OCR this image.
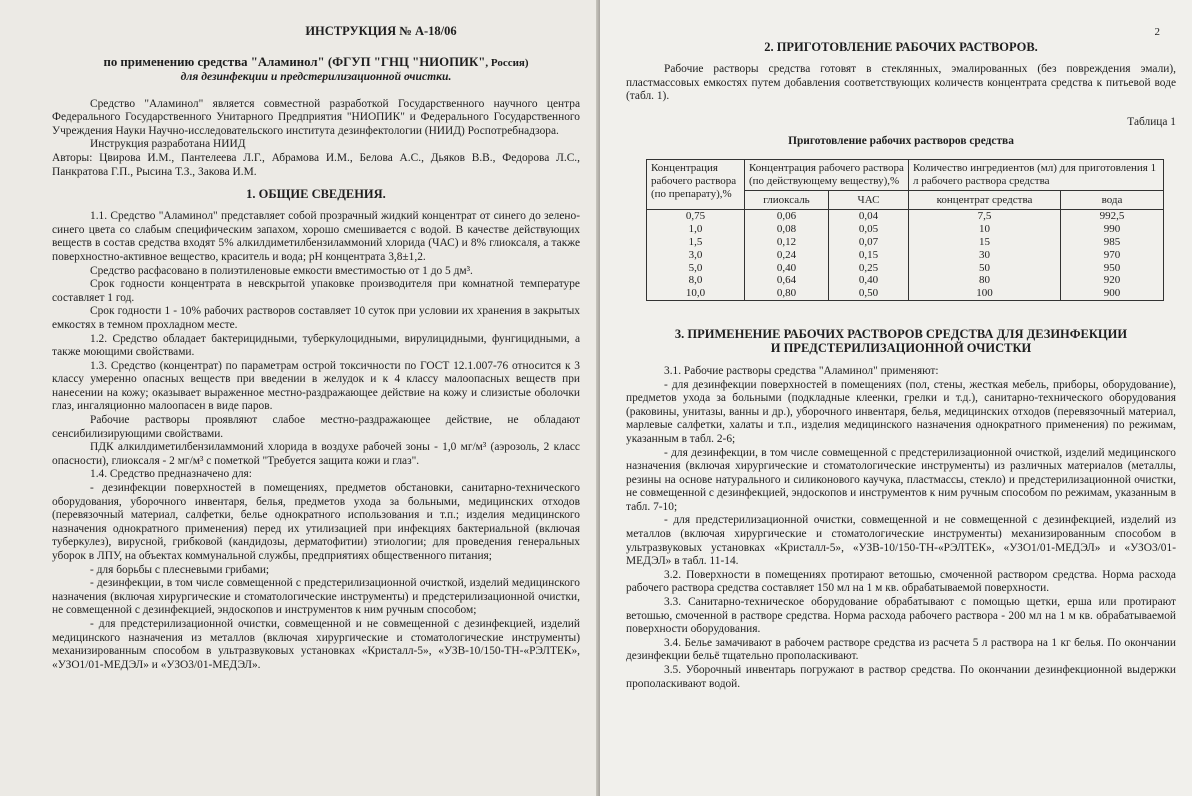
ИНСТРУКЦИЯ № А-18/06
по применению средства "Аламинол" (ФГУП "ГНЦ "НИОПИК", Россия)

для дезинфекции и предстерилизационной очистки.

Средство "Аламинол" является совместной разработкой Государственного научного центра Федерального Государственного Унитарного Предприятия "НИОПИК" и Федерального Государственного Учреждения Науки Научно-исследовательского института дезинфектологии (НИИД) Роспотребнадзора.

Инструкция разработана НИИД

Авторы: Цвирова И.М., Пантелеева Л.Г., Абрамова И.М., Белова А.С., Дьяков В.В., Федорова Л.С., Панкратова Г.П., Рысина Т.З., Закова И.М.

1. ОБЩИЕ СВЕДЕНИЯ.

1.1. Средство "Аламинол" представляет собой прозрачный жидкий концентрат от синего до зелено-синего цвета со слабым специфическим запахом, хорошо смешивается с водой. В качестве действующих веществ в состав средства входят 5% алкилдиметилбензиламмоний хлорида (ЧАС) и 8% глиоксаля, а также поверхностно-активное вещество, краситель и вода; рН концентрата 3,8±1,2.

Средство расфасовано в полиэтиленовые емкости вместимостью от 1 до 5 дм³.

Срок годности концентрата в невскрытой упаковке производителя при комнатной температуре составляет 1 год.

Срок годности 1 - 10% рабочих растворов составляет 10 суток при условии их хранения в закрытых емкостях в темном прохладном месте.

1.2. Средство обладает бактерицидными, туберкулоцидными, вирулицидными, фунгицидными, а также моющими свойствами.

1.3. Средство (концентрат) по параметрам острой токсичности по ГОСТ 12.1.007-76 относится к 3 классу умеренно опасных веществ при введении в желудок и к 4 классу малоопасных веществ при нанесении на кожу; оказывает выраженное местно-раздражающее действие на кожу и слизистые оболочки глаз, ингаляционно малоопасен в виде паров.

Рабочие растворы проявляют слабое местно-раздражающее действие, не обладают сенсибилизирующими свойствами.

ПДК алкилдиметилбензиламмоний хлорида в воздухе рабочей зоны - 1,0 мг/м³ (аэрозоль, 2 класс опасности), глиоксаля - 2 мг/м³ с пометкой "Требуется защита кожи и глаз".

1.4. Средство предназначено для:

- дезинфекции поверхностей в помещениях, предметов обстановки, санитарно-технического оборудования, уборочного инвентаря, белья, предметов ухода за больными, медицинских отходов (перевязочный материал, салфетки, белье однократного использования и т.п.; изделия медицинского назначения однократного применения) перед их утилизацией при инфекциях бактериальной (включая туберкулез), вирусной, грибковой (кандидозы, дерматофитии) этиологии; для проведения генеральных уборок в ЛПУ, на объектах коммунальной службы, предприятиях общественного питания;

- для борьбы с плесневыми грибами;

- дезинфекции, в том числе совмещенной с предстерилизационной очисткой, изделий медицинского назначения (включая хирургические и стоматологические инструменты) и предстерилизационной очистки, не совмещенной с дезинфекцией, эндоскопов и инструментов к ним ручным способом;

- для предстерилизационной очистки, совмещенной и не совмещенной с дезинфекцией, изделий медицинского назначения из металлов (включая хирургические и стоматологические инструменты) механизированным способом в ультразвуковых установках «Кристалл-5», «УЗВ-10/150-ТН-«РЭЛТЕК», «УЗО1/01-МЕДЭЛ» и «УЗО3/01-МЕДЭЛ».

2
2. ПРИГОТОВЛЕНИЕ РАБОЧИХ РАСТВОРОВ.

Рабочие растворы средства готовят в стеклянных, эмалированных (без повреждения эмали), пластмассовых емкостях путем добавления соответствующих количеств концентрата средства к питьевой воде (табл. 1).

Таблица 1

Приготовление рабочих растворов средства

Концентрация рабочего раствора (по препарату),%	Концентрация рабочего раствора (по действующему веществу),%		Количество ингредиентов (мл) для приготовления 1 л рабочего раствора средства	
	глиоксаль	ЧАС	концентрат средства	вода
0,75	0,06	0,04	7,5	992,5
1,0	0,08	0,05	10	990
1,5	0,12	0,07	15	985
3,0	0,24	0,15	30	970
5,0	0,40	0,25	50	950
8,0	0,64	0,40	80	920
10,0	0,80	0,50	100	900
3. ПРИМЕНЕНИЕ РАБОЧИХ РАСТВОРОВ СРЕДСТВА ДЛЯ ДЕЗИНФЕКЦИИ
И ПРЕДСТЕРИЛИЗАЦИОННОЙ ОЧИСТКИ

3.1. Рабочие растворы средства "Аламинол" применяют:

- для дезинфекции поверхностей в помещениях (пол, стены, жесткая мебель, приборы, оборудование), предметов ухода за больными (подкладные клеенки, грелки и т.д.), санитарно-технического оборудования (раковины, унитазы, ванны и др.), уборочного инвентаря, белья, медицинских отходов (перевязочный материал, марлевые салфетки, халаты и т.п., изделия медицинского назначения однократного применения) по режимам, указанным в табл. 2-6;

- для дезинфекции, в том числе совмещенной с предстерилизационной очисткой, изделий медицинского назначения (включая хирургические и стоматологические инструменты) из различных материалов (металлы, резины на основе натурального и силиконового каучука, пластмассы, стекло) и предстерилизационной очистки, не совмещенной с дезинфекцией, эндоскопов и инструментов к ним ручным способом по режимам, указанным в табл. 7-10;

- для предстерилизационной очистки, совмещенной и не совмещенной с дезинфекцией, изделий из металлов (включая хирургические и стоматологические инструменты) механизированным способом в ультразвуковых установках «Кристалл-5», «УЗВ-10/150-ТН-«РЭЛТЕК», «УЗО1/01-МЕДЭЛ» и «УЗО3/01-МЕДЭЛ» в табл. 11-14.

3.2. Поверхности в помещениях протирают ветошью, смоченной раствором средства. Норма расхода рабочего раствора средства составляет 150 мл на 1 м кв. обрабатываемой поверхности.

3.3. Санитарно-техническое оборудование обрабатывают с помощью щетки, ерша или протирают ветошью, смоченной в растворе средства. Норма расхода рабочего раствора - 200 мл на 1 м кв. обрабатываемой поверхности оборудования.

3.4. Белье замачивают в рабочем растворе средства из расчета 5 л раствора на 1 кг белья. По окончании дезинфекции бельё тщательно прополаскивают.

3.5. Уборочный инвентарь погружают в раствор средства. По окончании дезинфекционной выдержки прополаскивают водой.
